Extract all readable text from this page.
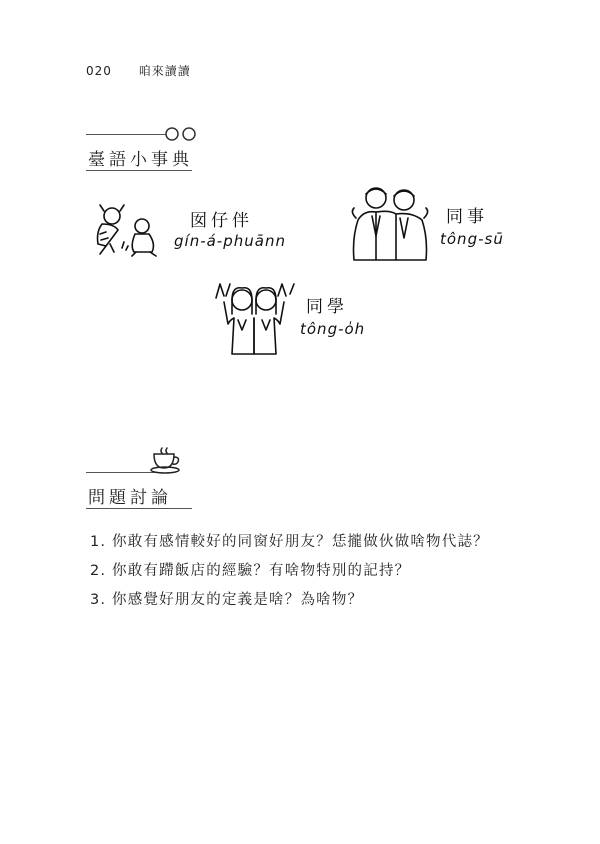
020 咱來讀讀
臺語小事典
囡仔伴
gín-á-phuānn
同事
tông-sū
同學
tông-o̍h
問題討論
1. 你敢有感情較好的同窗好朋友？恁攏做伙做啥物代誌？
2. 你敢有蹛飯店的經驗？有啥物特別的記持？
3. 你感覺好朋友的定義是啥？為啥物？
